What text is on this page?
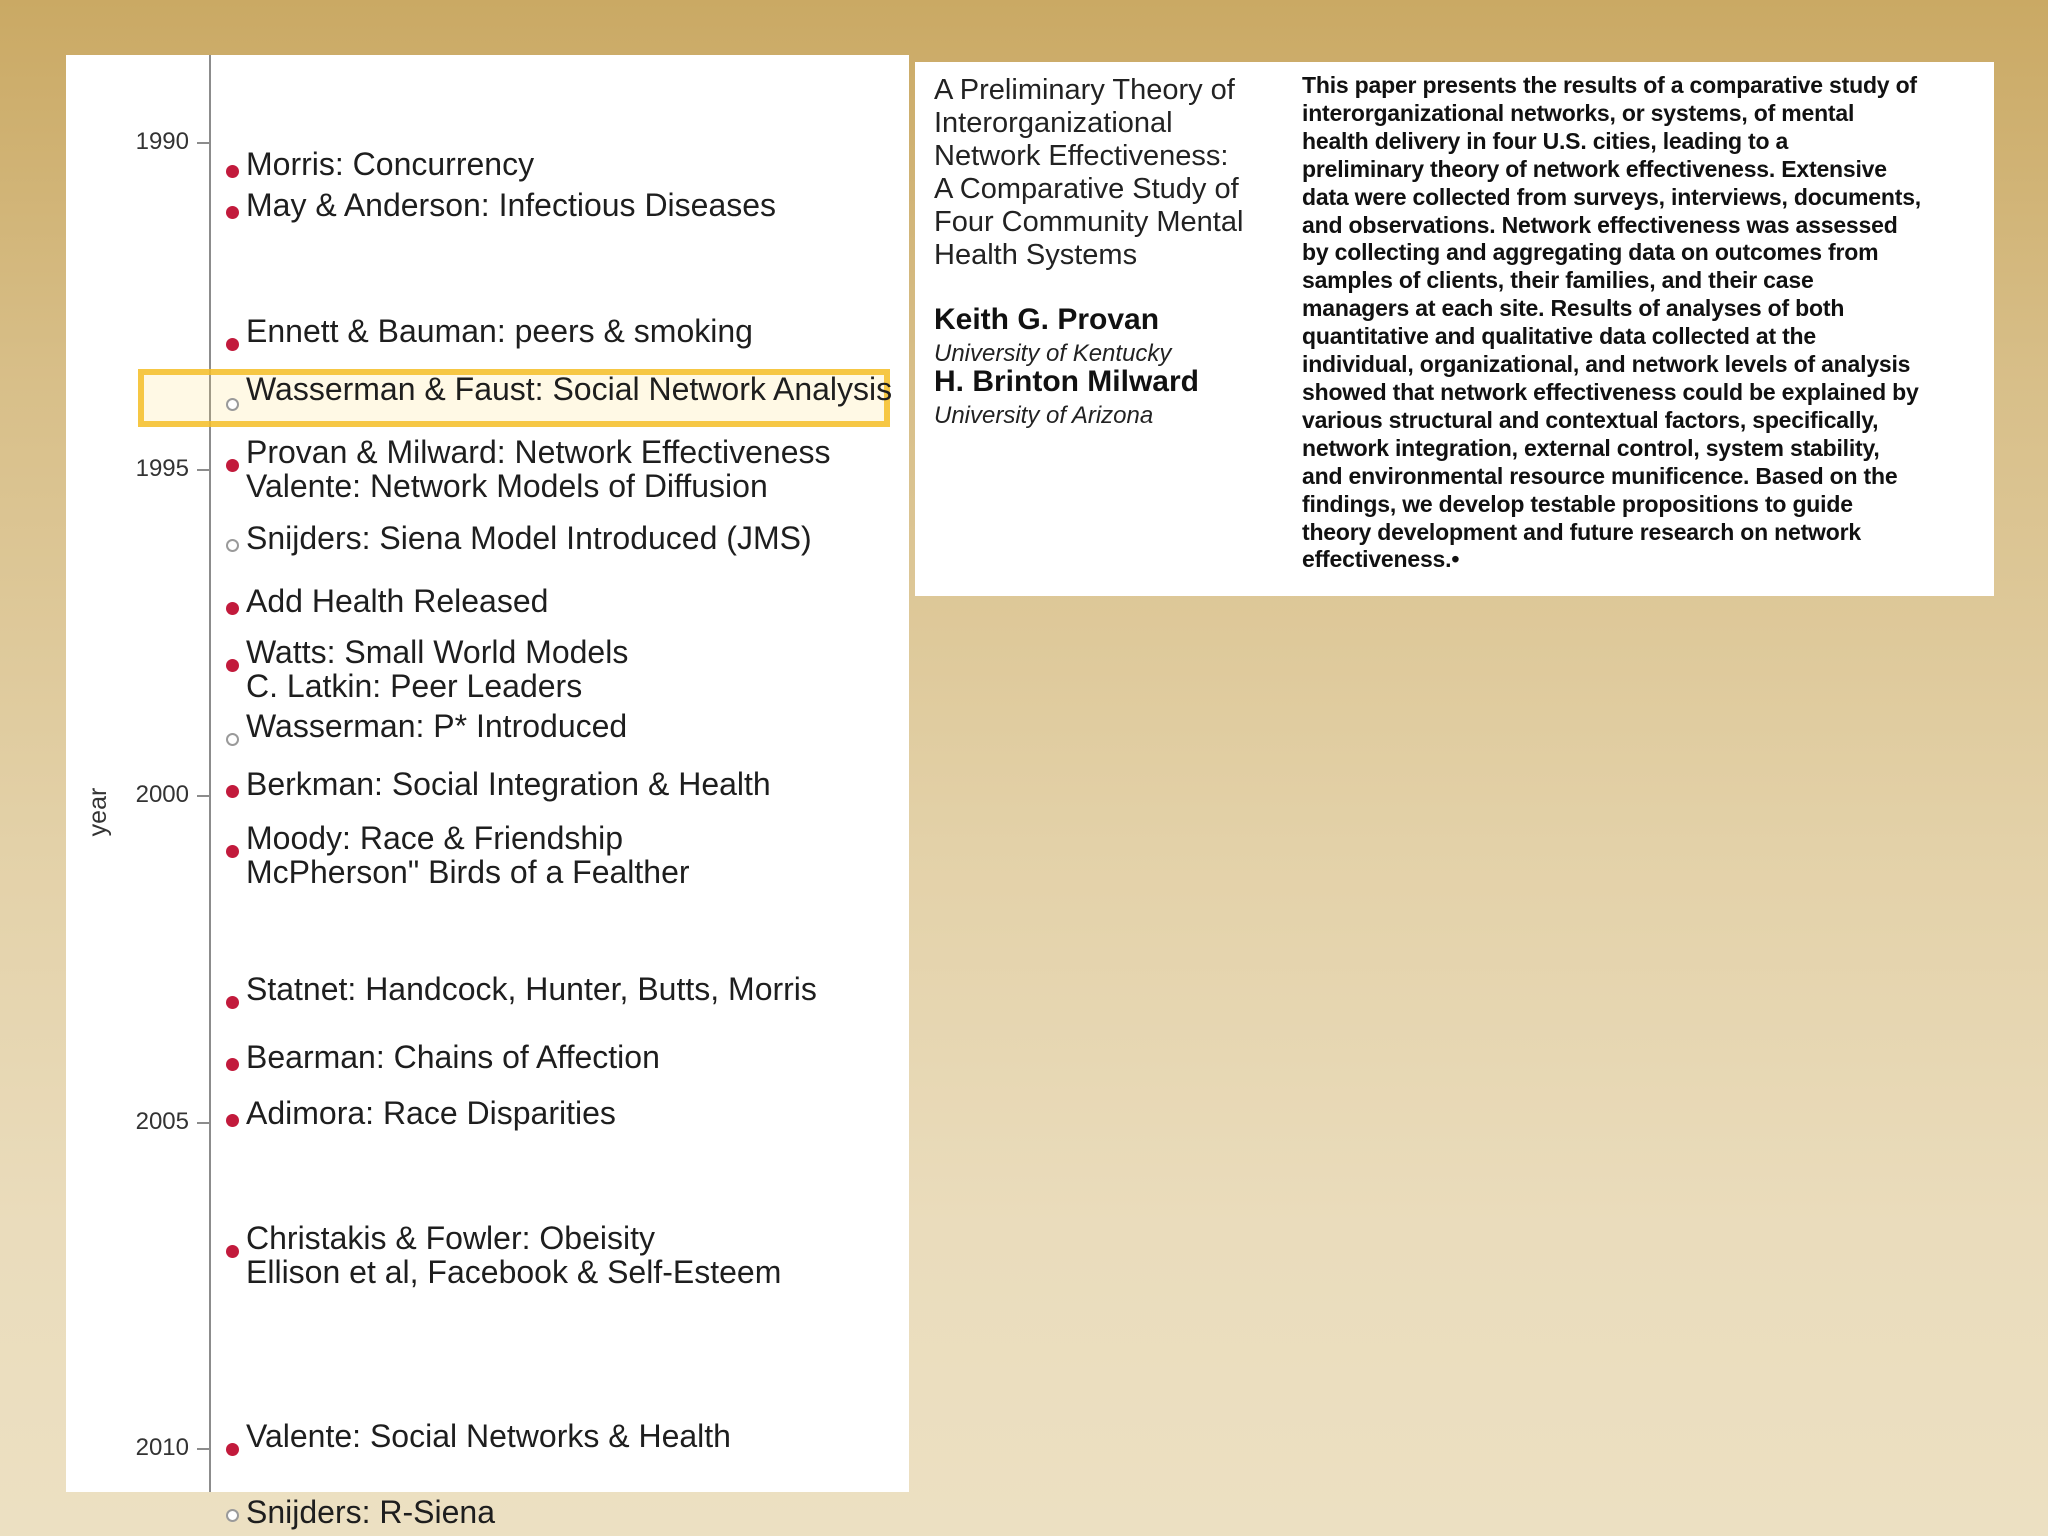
1990
1995
2000
2005
2010
year
Morris: Concurrency
May & Anderson: Infectious Diseases
Ennett & Bauman: peers & smoking
Wasserman & Faust: Social Network Analysis
Provan & Milward: Network Effectiveness
Valente: Network Models of Diffusion
Snijders: Siena Model Introduced (JMS)
Add Health Released
Watts: Small World Models
C. Latkin: Peer Leaders
Wasserman: P* Introduced
Berkman: Social Integration & Health
Moody: Race & Friendship
McPherson" Birds of a Fealther
Statnet: Handcock, Hunter, Butts, Morris
Bearman: Chains of Affection
Adimora: Race Disparities
Christakis & Fowler: Obeisity
Ellison et al, Facebook & Self-Esteem
Valente: Social Networks & Health
Snijders: R-Siena
A Preliminary Theory of
Interorganizational
Network Effectiveness:
A Comparative Study of
Four Community Mental
Health Systems
Keith G. Provan
University of Kentucky
H. Brinton Milward
University of Arizona
This paper presents the results of a comparative study of
interorganizational networks, or systems, of mental
health delivery in four U.S. cities, leading to a
preliminary theory of network effectiveness. Extensive
data were collected from surveys, interviews, documents,
and observations. Network effectiveness was assessed
by collecting and aggregating data on outcomes from
samples of clients, their families, and their case
managers at each site. Results of analyses of both
quantitative and qualitative data collected at the
individual, organizational, and network levels of analysis
showed that network effectiveness could be explained by
various structural and contextual factors, specifically,
network integration, external control, system stability,
and environmental resource munificence. Based on the
findings, we develop testable propositions to guide
theory development and future research on network
effectiveness.•
